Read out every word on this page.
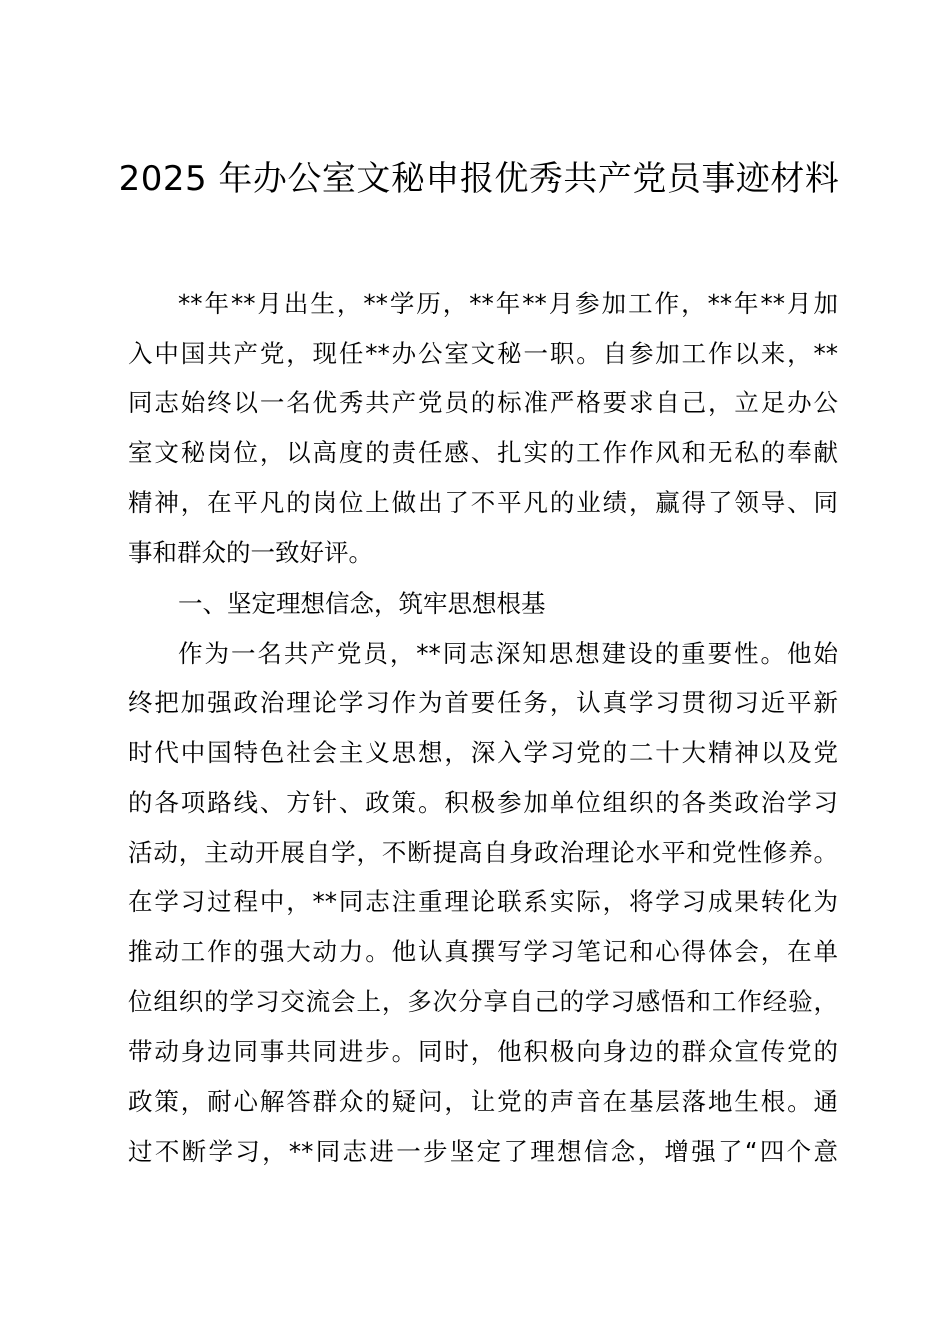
2025 年办公室文秘申报优秀共产党员事迹材料
**年**月出生，**学历，**年**月参加工作，**年**月加
入中国共产党，现任**办公室文秘一职。自参加工作以来，**
同志始终以一名优秀共产党员的标准严格要求自己，立足办公
室文秘岗位，以高度的责任感、扎实的工作作风和无私的奉献
精神，在平凡的岗位上做出了不平凡的业绩，赢得了领导、同
事和群众的一致好评。
一、坚定理想信念，筑牢思想根基
作为一名共产党员，**同志深知思想建设的重要性。他始
终把加强政治理论学习作为首要任务，认真学习贯彻习近平新
时代中国特色社会主义思想，深入学习党的二十大精神以及党
的各项路线、方针、政策。积极参加单位组织的各类政治学习
活动，主动开展自学，不断提高自身政治理论水平和党性修养。
在学习过程中，**同志注重理论联系实际，将学习成果转化为
推动工作的强大动力。他认真撰写学习笔记和心得体会，在单
位组织的学习交流会上，多次分享自己的学习感悟和工作经验，
带动身边同事共同进步。同时，他积极向身边的群众宣传党的
政策，耐心解答群众的疑问，让党的声音在基层落地生根。通
过不断学习，**同志进一步坚定了理想信念，增强了“四个意
